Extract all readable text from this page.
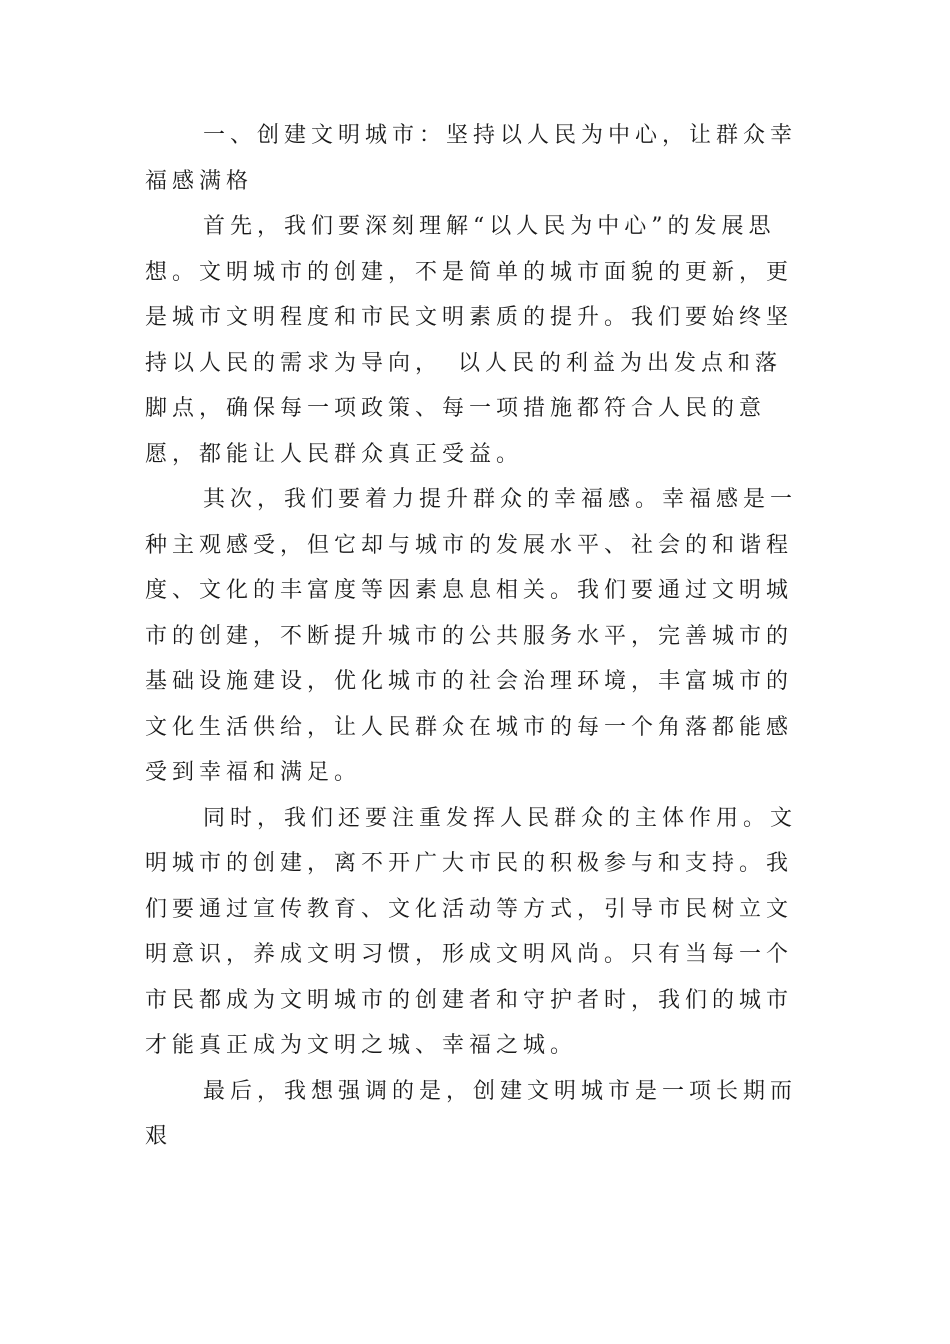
一、创建文明城市：坚持以人民为中心，让群众幸福感满格

首先，我们要深刻理解“以人民为中心”的发展思想。文明城市的创建，不是简单的城市面貌的更新，更是城市文明程度和市民文明素质的提升。我们要始终坚持以人民的需求为导向，　以人民的利益为出发点和落脚点，确保每一项政策、每一项措施都符合人民的意愿，都能让人民群众真正受益。

其次，我们要着力提升群众的幸福感。幸福感是一种主观感受，但它却与城市的发展水平、社会的和谐程度、文化的丰富度等因素息息相关。我们要通过文明城市的创建，不断提升城市的公共服务水平，完善城市的基础设施建设，优化城市的社会治理环境，丰富城市的文化生活供给，让人民群众在城市的每一个角落都能感受到幸福和满足。

同时，我们还要注重发挥人民群众的主体作用。文明城市的创建，离不开广大市民的积极参与和支持。我们要通过宣传教育、文化活动等方式，引导市民树立文明意识，养成文明习惯，形成文明风尚。只有当每一个市民都成为文明城市的创建者和守护者时，我们的城市才能真正成为文明之城、幸福之城。

最后，我想强调的是，创建文明城市是一项长期而艰
